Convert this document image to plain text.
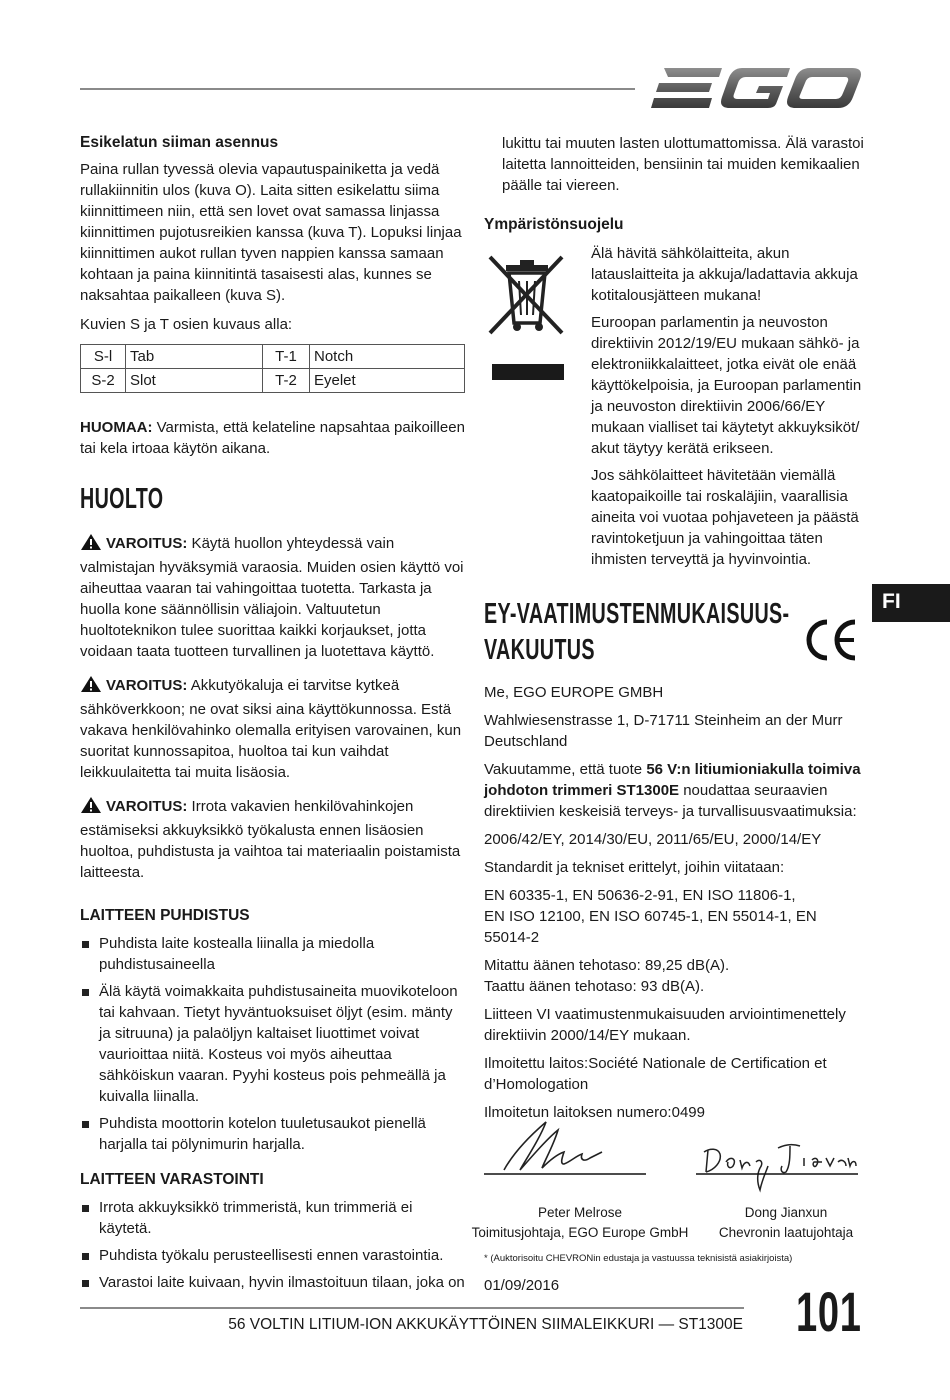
FI

Esikelatun siiman asennus

Paina rullan tyvessä olevia vapautuspainiketta ja vedä rullakiinnitin ulos (kuva O). Laita sitten esikelattu siima kiinnittimeen niin, että sen lovet ovat samassa linjassa kiinnittimen pujotusreikien kanssa (kuva T). Lopuksi linjaa kiinnittimen aukot rullan tyven nappien kanssa samaan kohtaan ja paina kiinnitintä tasaisesti alas, kunnes se naksahtaa paikalleen (kuva S).

Kuvien S ja T osien kuvaus alla:

S-l	Tab	T-1	Notch
S-2	Slot	T-2	Eyelet

HUOMAA: Varmista, että kelateline napsahtaa paikoilleen tai kela irtoaa käytön aikana.

HUOLTO

VAROITUS: Käytä huollon yhteydessä vain valmistajan hyväksymiä varaosia. Muiden osien käyttö voi aiheuttaa vaaran tai vahingoittaa tuotetta. Tarkasta ja huolla kone säännöllisin väliajoin. Valtuutetun huoltoteknikon tulee suorittaa kaikki korjaukset, jotta voidaan taata tuotteen turvallinen ja luotettava käyttö.

VAROITUS: Akkutyökaluja ei tarvitse kytkeä sähköverkkoon; ne ovat siksi aina käyttökunnossa. Estä vakava henkilövahinko olemalla erityisen varovainen, kun suoritat kunnossapitoa, huoltoa tai kun vaihdat leikkuulaitetta tai muita lisäosia.

VAROITUS: Irrota vakavien henkilövahinkojen estämiseksi akkuyksikkö työkalusta ennen lisäosien huoltoa, puhdistusta ja vaihtoa tai materiaalin poistamista laitteesta.

LAITTEEN PUHDISTUS

Puhdista laite kostealla liinalla ja miedolla puhdistusaineella
Älä käytä voimakkaita puhdistusaineita muovikoteloon tai kahvaan. Tietyt hyväntuoksuiset öljyt (esim. mänty ja sitruuna) ja palaöljyn kaltaiset liuottimet voivat vaurioittaa niitä. Kosteus voi myös aiheuttaa sähköiskun vaaran. Pyyhi kosteus pois pehmeällä ja kuivalla liinalla.
Puhdista moottorin kotelon tuuletusaukot pienellä harjalla tai pölynimurin harjalla.

LAITTEEN VARASTOINTI

Irrota akkuyksikkö trimmeristä, kun trimmeriä ei käytetä.
Puhdista työkalu perusteellisesti ennen varastointia.
Varastoi laite kuivaan, hyvin ilmastoituun tilaan, joka on

lukittu tai muuten lasten ulottumattomissa. Älä varastoi laitetta lannoitteiden, bensiinin tai muiden kemikaalien päälle tai viereen.

Ympäristönsuojelu

Älä hävitä sähkölaitteita, akun latauslaitteita ja akkuja/ladattavia akkuja kotitalousjätteen mukana!

Euroopan parlamentin ja neuvoston direktiivin 2012/19/EU mukaan sähkö- ja elektroniikkalaitteet, jotka eivät ole enää käyttökelpoisia, ja Euroopan parlamentin ja neuvoston direktiivin 2006/66/EY mukaan vialliset tai käytetyt akkuyksiköt/ akut täytyy kerätä erikseen.

Jos sähkölaitteet hävitetään viemällä kaatopaikoille tai roskaläjiin, vaarallisia aineita voi vuotaa pohjaveteen ja päästä ravintoketjuun ja vahingoittaa täten ihmisten terveyttä ja hyvinvointia.

EY-VAATIMUSTENMUKAISUUS-
VAKUUTUS

Me, EGO EUROPE GMBH

Wahlwiesenstrasse 1, D-71711 Steinheim an der Murr Deutschland

Vakuutamme, että tuote 56 V:n litiumioniakulla toimiva johdoton trimmeri ST1300E noudattaa seuraavien direktiivien keskeisiä terveys- ja turvallisuusvaatimuksia:

2006/42/EY, 2014/30/EU, 2011/65/EU, 2000/14/EY

Standardit ja tekniset erittelyt, joihin viitataan:

EN 60335-1, EN 50636-2-91, EN ISO 11806-1,

EN ISO 12100, EN ISO 60745-1, EN 55014-1, EN 55014-2

Mitattu äänen tehotaso: 89,25 dB(A).

Taattu äänen tehotaso: 93 dB(A).

Liitteen VI vaatimustenmukaisuuden arviointimenettely direktiivin 2000/14/EY mukaan.

Ilmoitettu laitos:Société Nationale de Certification et d’Homologation

Ilmoitetun laitoksen numero:0499

Peter Melrose
Toimitusjohtaja, EGO Europe GmbH
Dong Jianxun
Chevronin laatujohtaja
* (Auktorisoitu CHEVRONin edustaja ja vastuussa teknisistä asiakirjoista)
01/09/2016
56 VOLTIN LITIUM-ION AKKUKÄYTTÖINEN SIIMALEIKKURI — ST1300E 101
